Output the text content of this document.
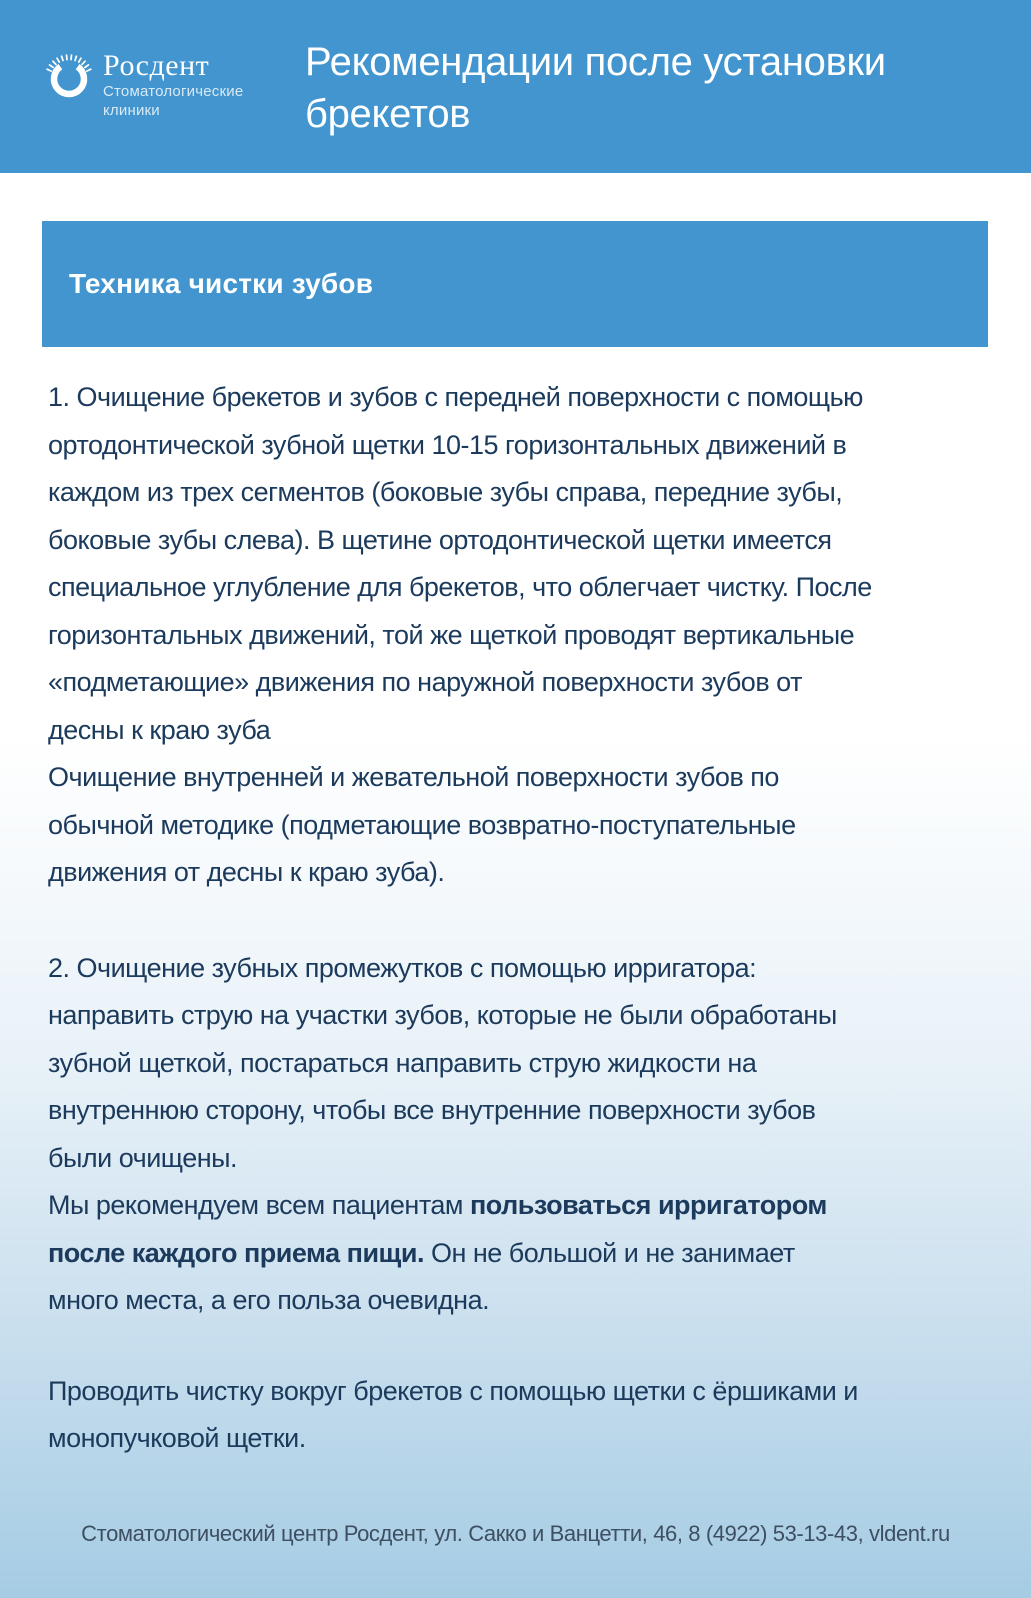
Росдент
Стоматологические
клиники
Рекомендации после установки
брекетов
Техника чистки зубов
1. Очищение брекетов и зубов с передней поверхности с помощью
ортодонтической зубной щетки 10-15 горизонтальных движений в
каждом из трех сегментов (боковые зубы справа, передние зубы,
боковые зубы слева). В щетине ортодонтической щетки имеется
специальное углубление для брекетов, что облегчает чистку. После
горизонтальных движений, той же щеткой проводят вертикальные
«подметающие» движения по наружной поверхности зубов от
десны к краю зуба
Очищение внутренней и жевательной поверхности зубов по
обычной методике (подметающие возвратно-поступательные
движения от десны к краю зуба).
2. Очищение зубных промежутков с помощью ирригатора:
направить струю на участки зубов, которые не были обработаны
зубной щеткой, постараться направить струю жидкости на
внутреннюю сторону, чтобы все внутренние поверхности зубов
были очищены.
Мы рекомендуем всем пациентам пользоваться ирригатором
после каждого приема пищи. Он не большой и не занимает
много места, а его польза очевидна.
Проводить чистку вокруг брекетов с помощью щетки с ёршиками и
монопучковой щетки.
Стоматологический центр Росдент, ул. Сакко и Ванцетти, 46, 8 (4922) 53-13-43, vldent.ru
